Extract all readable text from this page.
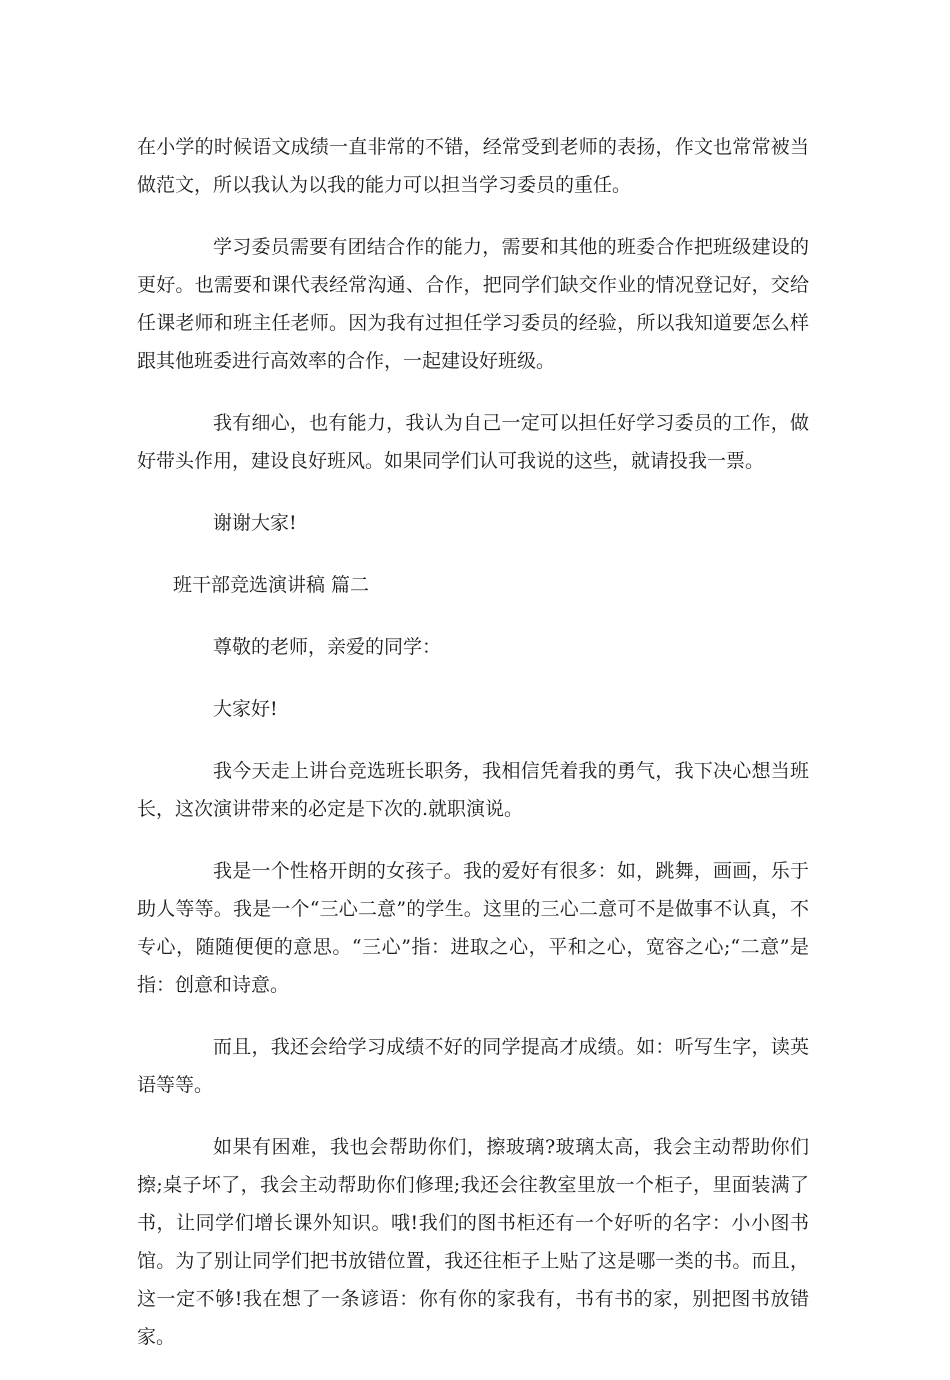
在小学的时候语文成绩一直非常的不错，经常受到老师的表扬，作文也常常被当做范文，所以我认为以我的能力可以担当学习委员的重任。

学习委员需要有团结合作的能力，需要和其他的班委合作把班级建设的更好。也需要和课代表经常沟通、合作，把同学们缺交作业的情况登记好，交给任课老师和班主任老师。因为我有过担任学习委员的经验，所以我知道要怎么样跟其他班委进行高效率的合作，一起建设好班级。

我有细心，也有能力，我认为自己一定可以担任好学习委员的工作，做好带头作用，建设良好班风。如果同学们认可我说的这些，就请投我一票。

谢谢大家!

班干部竞选演讲稿 篇二

尊敬的老师，亲爱的同学：

大家好!

我今天走上讲台竞选班长职务，我相信凭着我的勇气，我下决心想当班长，这次演讲带来的必定是下次的.就职演说。

我是一个性格开朗的女孩子。我的爱好有很多：如，跳舞，画画，乐于助人等等。我是一个“三心二意”的学生。这里的三心二意可不是做事不认真，不专心，随随便便的意思。“三心”指：进取之心，平和之心，宽容之心;“二意”是指：创意和诗意。

而且，我还会给学习成绩不好的同学提高才成绩。如：听写生字，读英语等等。

如果有困难，我也会帮助你们，擦玻璃?玻璃太高，我会主动帮助你们擦;桌子坏了，我会主动帮助你们修理;我还会往教室里放一个柜子，里面装满了书，让同学们增长课外知识。哦!我们的图书柜还有一个好听的名字：小小图书馆。为了别让同学们把书放错位置，我还往柜子上贴了这是哪一类的书。而且，这一定不够!我在想了一条谚语：你有你的家我有，书有书的家，别把图书放错家。
